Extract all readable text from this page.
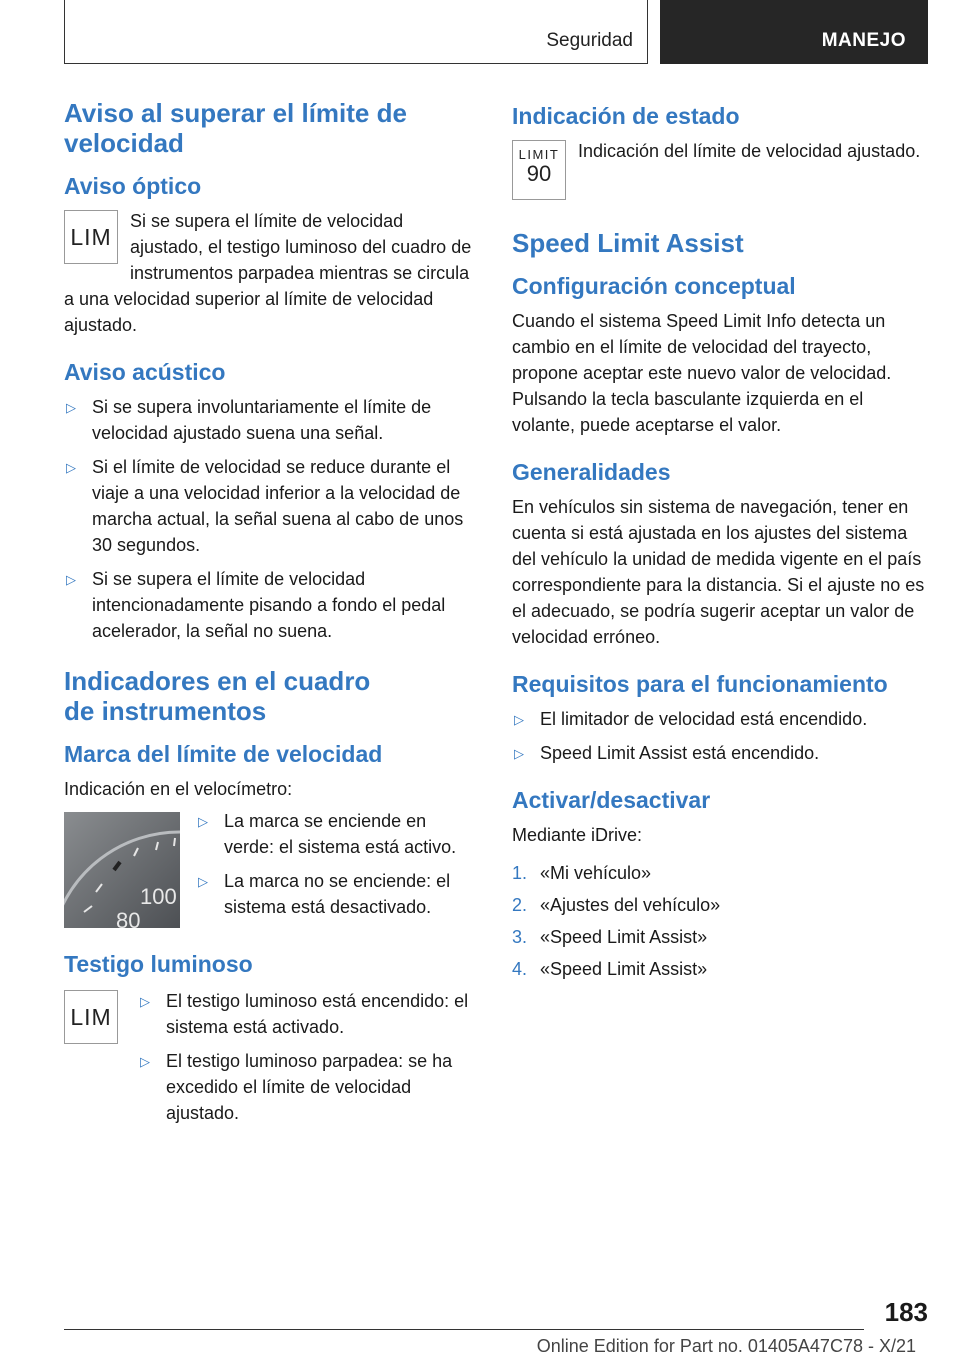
Seguridad	MANEJO
Aviso al superar el límite de velocidad
Aviso óptico
LIM

Si se supera el límite de velocidad ajustado, el testigo luminoso del cuadro de instrumentos parpadea mientras se circula a una velocidad superior al límite de velocidad ajustado.

Aviso acústico
▷ Si se supera involuntariamente el límite de velocidad ajustado suena una señal.
▷ Si el límite de velocidad se reduce durante el viaje a una velocidad inferior a la velocidad de marcha actual, la señal suena al cabo de unos 30 segundos.
▷ Si se supera el límite de velocidad intencionadamente pisando a fondo el pedal acelerador, la señal no suena.
Indicadores en el cuadro de instrumentos
Marca del límite de velocidad

Indicación en el velocímetro:

100
80
▷ La marca se enciende en verde: el sistema está activo.
▷ La marca no se enciende: el sistema está desactivado.
Testigo luminoso
LIM
▷ El testigo luminoso está encendido: el sistema está activado.
▷ El testigo luminoso parpadea: se ha excedido el límite de velocidad ajustado.
Indicación de estado
LIMIT
90

Indicación del límite de velocidad ajustado.

Speed Limit Assist
Configuración conceptual

Cuando el sistema Speed Limit Info detecta un cambio en el límite de velocidad del trayecto, propone aceptar este nuevo valor de velocidad. Pulsando la tecla basculante izquierda en el volante, puede aceptarse el valor.

Generalidades

En vehículos sin sistema de navegación, tener en cuenta si está ajustada en los ajustes del sistema del vehículo la unidad de medida vigente en el país correspondiente para la distancia. Si el ajuste no es el adecuado, se podría sugerir aceptar un valor de velocidad erróneo.

Requisitos para el funcionamiento
▷ El limitador de velocidad está encendido.
▷ Speed Limit Assist está encendido.
Activar/desactivar

Mediante iDrive:

1. «Mi vehículo»
2. «Ajustes del vehículo»
3. «Speed Limit Assist»
4. «Speed Limit Assist»
183
Online Edition for Part no. 01405A47C78 - X/21
